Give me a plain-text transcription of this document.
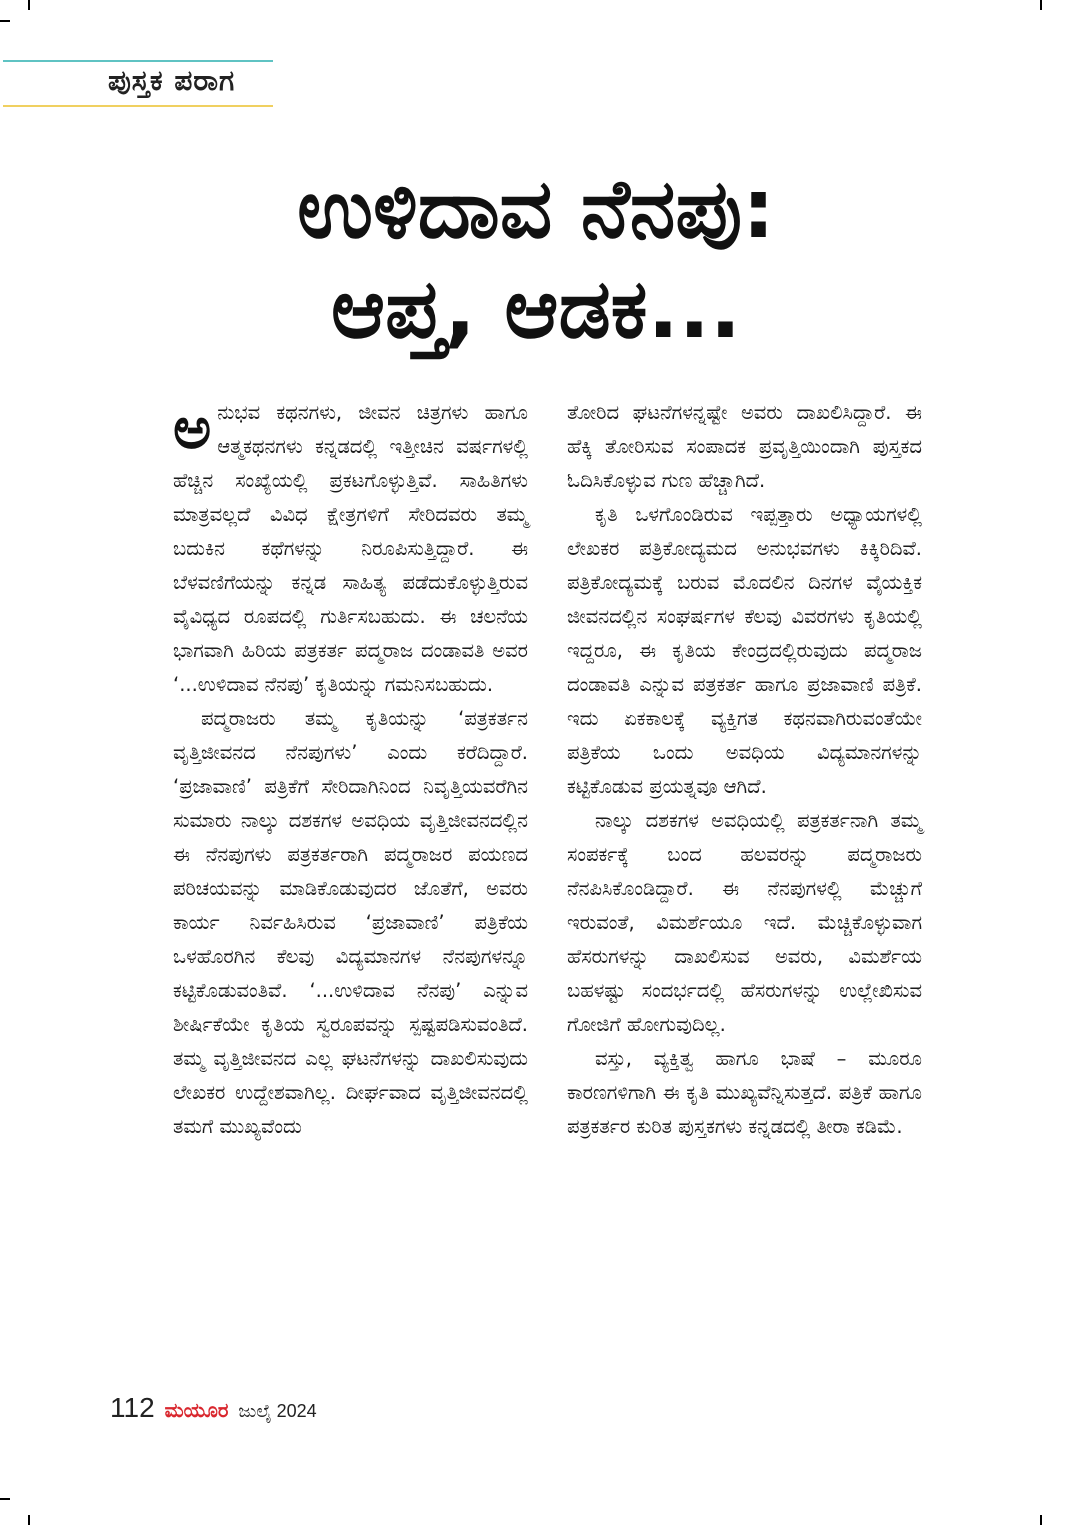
ಪುಸ್ತಕ ಪರಾಗ
ಉಳಿದಾವ ನೆನಪು:
ಆಪ್ತ, ಆಡಕ...

ಅನುಭವ ಕಥನಗಳು, ಜೀವನ ಚಿತ್ರಗಳು ಹಾಗೂ ಆತ್ಮಕಥನಗಳು ಕನ್ನಡದಲ್ಲಿ ಇತ್ತೀಚಿನ ವರ್ಷಗಳಲ್ಲಿ ಹೆಚ್ಚಿನ ಸಂಖ್ಯೆಯಲ್ಲಿ ಪ್ರಕಟಗೊಳ್ಳುತ್ತಿವೆ. ಸಾಹಿತಿಗಳು ಮಾತ್ರವಲ್ಲದೆ ವಿವಿಧ ಕ್ಷೇತ್ರಗಳಿಗೆ ಸೇರಿದವರು ತಮ್ಮ ಬದುಕಿನ ಕಥೆಗಳನ್ನು ನಿರೂಪಿಸುತ್ತಿದ್ದಾರೆ. ಈ ಬೆಳವಣಿಗೆಯನ್ನು ಕನ್ನಡ ಸಾಹಿತ್ಯ ಪಡೆದುಕೊಳ್ಳುತ್ತಿರುವ ವೈವಿಧ್ಯದ ರೂಪದಲ್ಲಿ ಗುರ್ತಿಸಬಹುದು. ಈ ಚಲನೆಯ ಭಾಗವಾಗಿ ಹಿರಿಯ ಪತ್ರಕರ್ತ ಪದ್ಮರಾಜ ದಂಡಾವತಿ ಅವರ ‘...ಉಳಿದಾವ ನೆನಪು’ ಕೃತಿಯನ್ನು ಗಮನಿಸಬಹುದು.

ಪದ್ಮರಾಜರು ತಮ್ಮ ಕೃತಿಯನ್ನು ‘ಪತ್ರಕರ್ತನ ವೃತ್ತಿಜೀವನದ ನೆನಪುಗಳು’ ಎಂದು ಕರೆದಿದ್ದಾರೆ. ‘ಪ್ರಜಾವಾಣಿ’ ಪತ್ರಿಕೆಗೆ ಸೇರಿದಾಗಿನಿಂದ ನಿವೃತ್ತಿಯವರೆಗಿನ ಸುಮಾರು ನಾಲ್ಕು ದಶಕಗಳ ಅವಧಿಯ ವೃತ್ತಿಜೀವನದಲ್ಲಿನ ಈ ನೆನಪುಗಳು ಪತ್ರಕರ್ತರಾಗಿ ಪದ್ಮರಾಜರ ಪಯಣದ ಪರಿಚಯವನ್ನು ಮಾಡಿಕೊಡುವುದರ ಜೊತೆಗೆ, ಅವರು ಕಾರ್ಯ ನಿರ್ವಹಿಸಿರುವ ‘ಪ್ರಜಾವಾಣಿ’ ಪತ್ರಿಕೆಯ ಒಳಹೊರಗಿನ ಕೆಲವು ವಿದ್ಯಮಾನಗಳ ನೆನಪುಗಳನ್ನೂ ಕಟ್ಟಿಕೊಡುವಂತಿವೆ. ‘...ಉಳಿದಾವ ನೆನಪು’ ಎನ್ನುವ ಶೀರ್ಷಿಕೆಯೇ ಕೃತಿಯ ಸ್ವರೂಪವನ್ನು ಸ್ಪಷ್ಟಪಡಿಸುವಂತಿದೆ. ತಮ್ಮ ವೃತ್ತಿಜೀವನದ ಎಲ್ಲ ಘಟನೆಗಳನ್ನು ದಾಖಲಿಸುವುದು ಲೇಖಕರ ಉದ್ದೇಶವಾಗಿಲ್ಲ. ದೀರ್ಘವಾದ ವೃತ್ತಿಜೀವನದಲ್ಲಿ ತಮಗೆ ಮುಖ್ಯವೆಂದು

ತೋರಿದ ಘಟನೆಗಳನ್ನಷ್ಟೇ ಅವರು ದಾಖಲಿಸಿದ್ದಾರೆ. ಈ ಹೆಕ್ಕಿ ತೋರಿಸುವ ಸಂಪಾದಕ ಪ್ರವೃತ್ತಿಯಿಂದಾಗಿ ಪುಸ್ತಕದ ಓದಿಸಿಕೊಳ್ಳುವ ಗುಣ ಹೆಚ್ಚಾಗಿದೆ.

ಕೃತಿ ಒಳಗೊಂಡಿರುವ ಇಪ್ಪತ್ತಾರು ಅಧ್ಯಾಯಗಳಲ್ಲಿ ಲೇಖಕರ ಪತ್ರಿಕೋದ್ಯಮದ ಅನುಭವಗಳು ಕಿಕ್ಕಿರಿದಿವೆ. ಪತ್ರಿಕೋದ್ಯಮಕ್ಕೆ ಬರುವ ಮೊದಲಿನ ದಿನಗಳ ವೈಯಕ್ತಿಕ ಜೀವನದಲ್ಲಿನ ಸಂಘರ್ಷಗಳ ಕೆಲವು ವಿವರಗಳು ಕೃತಿಯಲ್ಲಿ ಇದ್ದರೂ, ಈ ಕೃತಿಯ ಕೇಂದ್ರದಲ್ಲಿರುವುದು ಪದ್ಮರಾಜ ದಂಡಾವತಿ ಎನ್ನುವ ಪತ್ರಕರ್ತ ಹಾಗೂ ಪ್ರಜಾವಾಣಿ ಪತ್ರಿಕೆ. ಇದು ಏಕಕಾಲಕ್ಕೆ ವ್ಯಕ್ತಿಗತ ಕಥನವಾಗಿರುವಂತೆಯೇ ಪತ್ರಿಕೆಯ ಒಂದು ಅವಧಿಯ ವಿದ್ಯಮಾನಗಳನ್ನು ಕಟ್ಟಿಕೊಡುವ ಪ್ರಯತ್ನವೂ ಆಗಿದೆ.

ನಾಲ್ಕು ದಶಕಗಳ ಅವಧಿಯಲ್ಲಿ ಪತ್ರಕರ್ತನಾಗಿ ತಮ್ಮ ಸಂಪರ್ಕಕ್ಕೆ ಬಂದ ಹಲವರನ್ನು ಪದ್ಮರಾಜರು ನೆನಪಿಸಿಕೊಂಡಿದ್ದಾರೆ. ಈ ನೆನಪುಗಳಲ್ಲಿ ಮೆಚ್ಚುಗೆ ಇರುವಂತೆ, ವಿಮರ್ಶೆಯೂ ಇದೆ. ಮೆಚ್ಚಿಕೊಳ್ಳುವಾಗ ಹೆಸರುಗಳನ್ನು ದಾಖಲಿಸುವ ಅವರು, ವಿಮರ್ಶೆಯ ಬಹಳಷ್ಟು ಸಂದರ್ಭದಲ್ಲಿ ಹೆಸರುಗಳನ್ನು ಉಲ್ಲೇಖಿಸುವ ಗೋಜಿಗೆ ಹೋಗುವುದಿಲ್ಲ.

ವಸ್ತು, ವ್ಯಕ್ತಿತ್ವ ಹಾಗೂ ಭಾಷೆ – ಮೂರೂ ಕಾರಣಗಳಿಗಾಗಿ ಈ ಕೃತಿ ಮುಖ್ಯವೆನ್ನಿಸುತ್ತದೆ. ಪತ್ರಿಕೆ ಹಾಗೂ ಪತ್ರಕರ್ತರ ಕುರಿತ ಪುಸ್ತಕಗಳು ಕನ್ನಡದಲ್ಲಿ ತೀರಾ ಕಡಿಮೆ.

112 ಮಯೂರ ಜುಲೈ 2024
